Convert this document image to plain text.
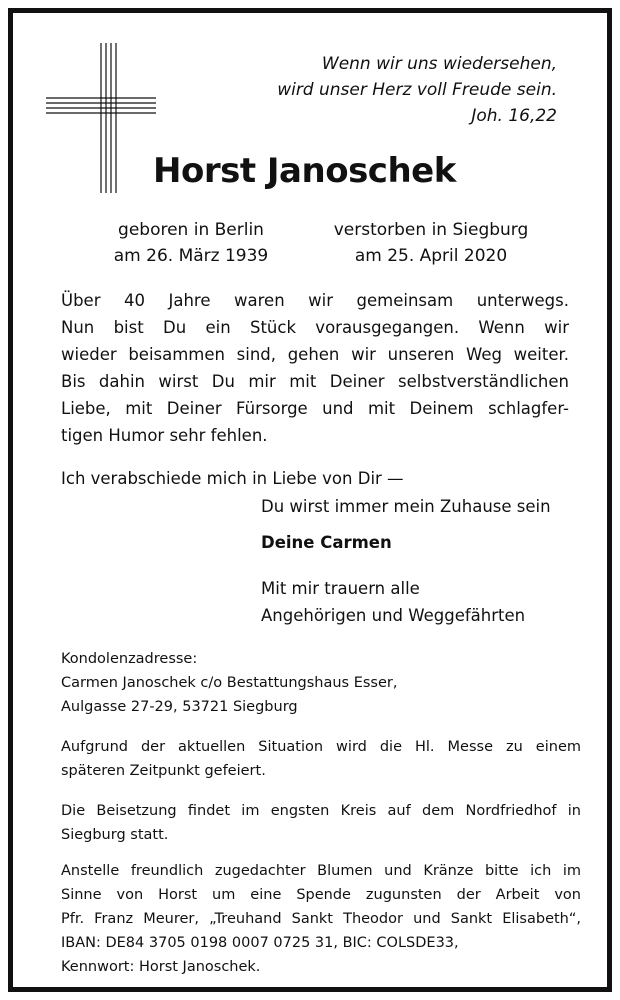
Wenn wir uns wiedersehen,
wird unser Herz voll Freude sein.
Joh. 16,22
Horst Janoschek
geboren in Berlin
am 26. März 1939
verstorben in Siegburg
am 25. April 2020
Über 40 Jahre waren wir gemeinsam unterwegs.
Nun bist Du ein Stück vorausgegangen. Wenn wir
wieder beisammen sind, gehen wir unseren Weg weiter.
Bis dahin wirst Du mir mit Deiner selbstverständlichen
Liebe, mit Deiner Fürsorge und mit Deinem schlagfer-
tigen Humor sehr fehlen.
Ich verabschiede mich in Liebe von Dir —
Du wirst immer mein Zuhause sein
Deine Carmen
Mit mir trauern alle
Angehörigen und Weggefährten
Kondolenzadresse:
Carmen Janoschek c/o Bestattungshaus Esser,
Aulgasse 27-29, 53721 Siegburg
Aufgrund der aktuellen Situation wird die Hl. Messe zu einem
späteren Zeitpunkt gefeiert.
Die Beisetzung findet im engsten Kreis auf dem Nordfriedhof in
Siegburg statt.
Anstelle freundlich zugedachter Blumen und Kränze bitte ich im
Sinne von Horst um eine Spende zugunsten der Arbeit von
Pfr. Franz Meurer, „Treuhand Sankt Theodor und Sankt Elisabeth“,
IBAN: DE84 3705 0198 0007 0725 31, BIC: COLSDE33,
Kennwort: Horst Janoschek.
